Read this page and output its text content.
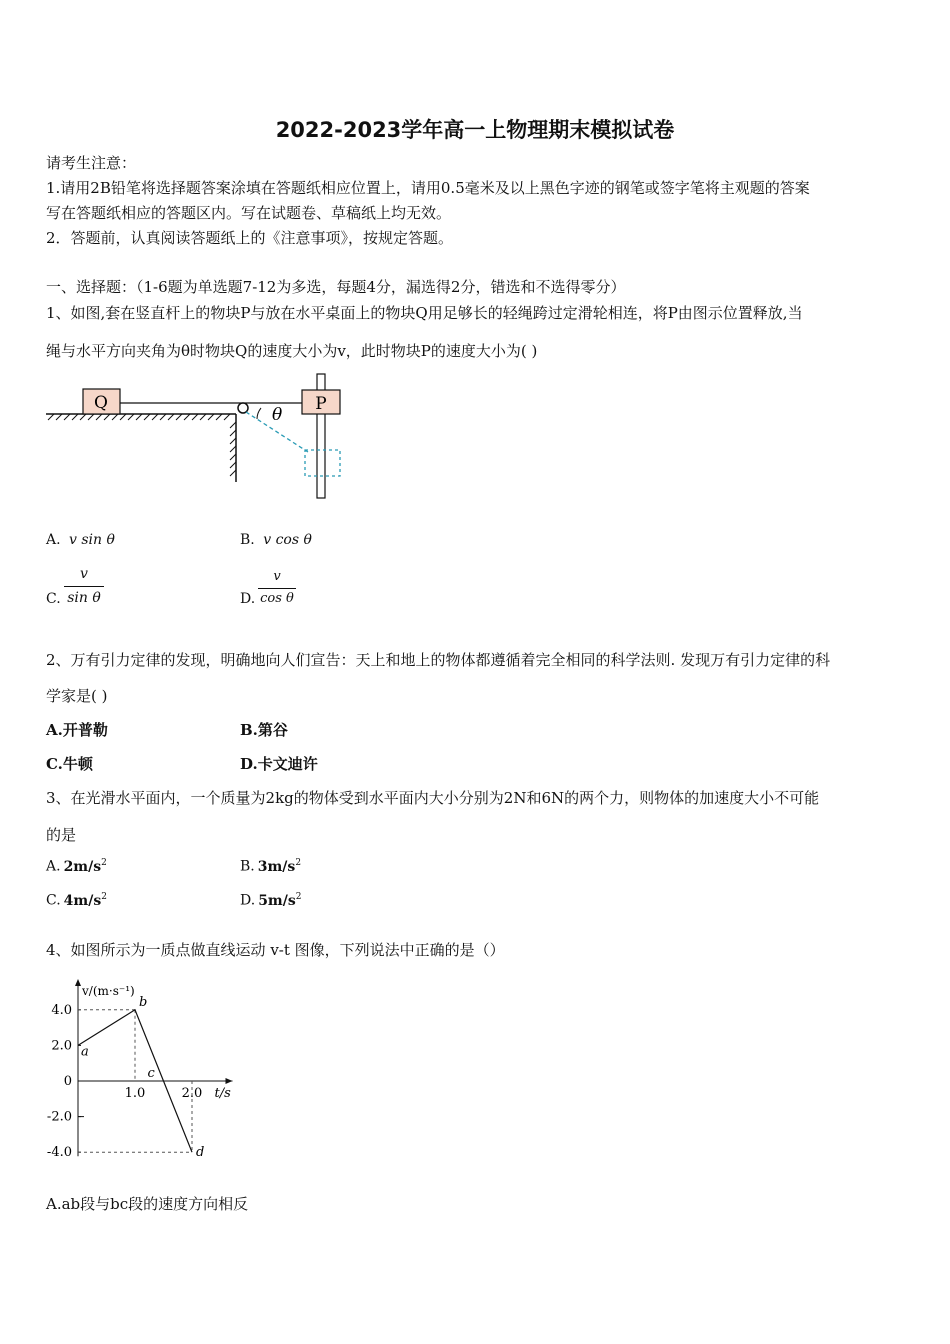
2022-2023学年高一上物理期末模拟试卷
请考生注意：
1.请用2B铅笔将选择题答案涂填在答题纸相应位置上，请用0.5毫米及以上黑色字迹的钢笔或签字笔将主观题的答案
写在答题纸相应的答题区内。写在试题卷、草稿纸上均无效。
2．答题前，认真阅读答题纸上的《注意事项》，按规定答题。
一、选择题：（1-6题为单选题7-12为多选，每题4分，漏选得2分，错选和不选得零分）
1、如图,套在竖直杆上的物块P与放在水平桌面上的物块Q用足够长的轻绳跨过定滑轮相连，将P由图示位置释放,当
绳与水平方向夹角为θ时物块Q的速度大小为v，此时物块P的速度大小为( )
Q	P
θ
A. v sin θ	B. v cos θ
C.
v
sin θ	D.
v
cos θ
2、万有引力定律的发现，明确地向人们宣告：天上和地上的物体都遵循着完全相同的科学法则. 发现万有引力定律的科
学家是( )
A.开普勒	B.第谷
C.牛顿	D.卡文迪许
3、在光滑水平面内，一个质量为2kg的物体受到水平面内大小分别为2N和6N的两个力，则物体的加速度大小不可能
的是
A. $2m/s^2$	B. $3m/s^2$
C. $4m/s^2$	D. $5m/s^2$
4、如图所示为一质点做直线运动 v-t 图像，下列说法中正确的是（）
v/(m·s⁻¹)
t/s
4.0
2.0
0
-2.0
-4.0
1.0	2.0
a
b
c
d
A.ab段与bc段的速度方向相反
